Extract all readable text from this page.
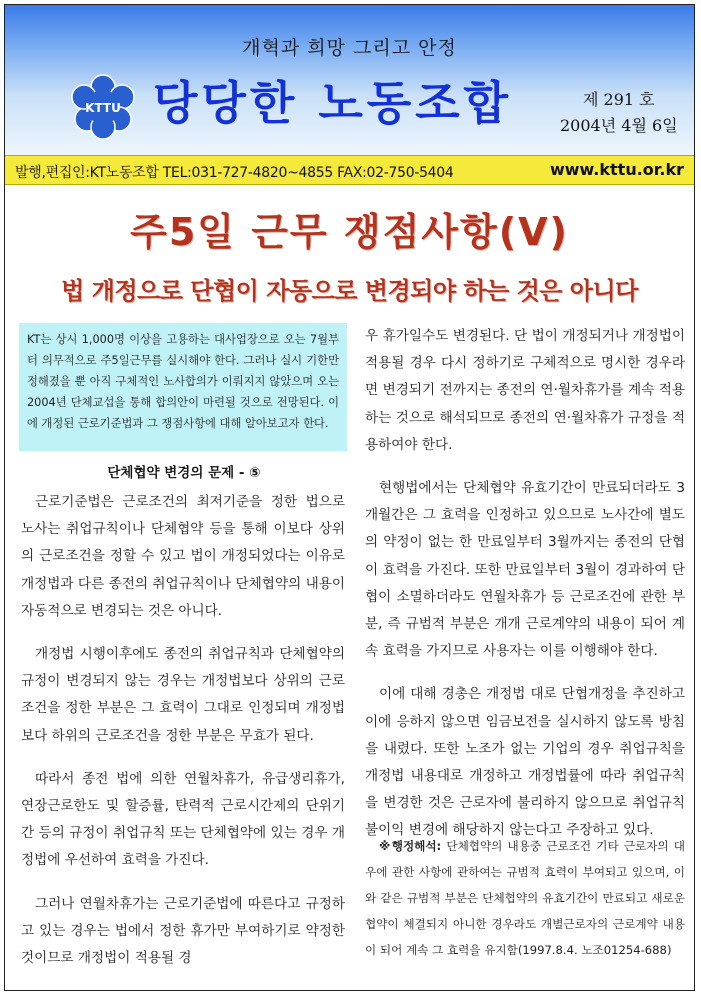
개혁과 희망 그리고 안정
KTTU 당당한 노동조합	제 291 호
2004년 4월 6일
발행,편집인:KT노동조합 TEL:031-727-4820~4855 FAX:02-750-5404	www.kttu.or.kr
주5일 근무 쟁점사항(Ⅴ)
법 개정으로 단협이 자동으로 변경되야 하는 것은 아니다
KT는 상시 1,000명 이상을 고용하는 대사업장으로 오는 7월부터 의무적으로 주5일근무를 실시해야 한다. 그러나 실시 기한만 정해졌을 뿐 아직 구체적인 노사합의가 이뤄지지 않았으며 오는 2004년 단체교섭을 통해 합의안이 마련될 것으로 전망된다. 이에 개정된 근로기준법과 그 쟁점사항에 대해 알아보고자 한다.
단체협약 변경의 문제 - ⑤

근로기준법은 근로조건의 최저기준을 정한 법으로 노사는 취업규칙이나 단체협약 등을 통해 이보다 상위의 근로조건을 정할 수 있고 법이 개정되었다는 이유로 개정법과 다른 종전의 취업규칙이나 단체협약의 내용이 자동적으로 변경되는 것은 아니다.

개정법 시행이후에도 종전의 취업규칙과 단체협약의 규정이 변경되지 않는 경우는 개정법보다 상위의 근로조건을 정한 부분은 그 효력이 그대로 인정되며 개정법보다 하위의 근로조건을 정한 부분은 무효가 된다.

따라서 종전 법에 의한 연월차휴가, 유급생리휴가, 연장근로한도 및 할증률, 탄력적 근로시간제의 단위기간 등의 규정이 취업규칙 또는 단체협약에 있는 경우 개정법에 우선하여 효력을 가진다.

그러나 연월차휴가는 근로기준법에 따른다고 규정하고 있는 경우는 법에서 정한 휴가만 부여하기로 약정한 것이므로 개정법이 적용될 경

우 휴가일수도 변경된다. 단 법이 개정되거나 개정법이 적용될 경우 다시 정하기로 구체적으로 명시한 경우라면 변경되기 전까지는 종전의 연·월차휴가를 계속 적용하는 것으로 해석되므로 종전의 연·월차휴가 규정을 적용하여야 한다.

현행법에서는 단체협약 유효기간이 만료되더라도 3개월간은 그 효력을 인정하고 있으므로 노사간에 별도의 약정이 없는 한 만료일부터 3월까지는 종전의 단협이 효력을 가진다. 또한 만료일부터 3월이 경과하여 단협이 소멸하더라도 연월차휴가 등 근로조건에 관한 부분, 즉 규범적 부분은 개개 근로계약의 내용이 되어 계속 효력을 가지므로 사용자는 이를 이행해야 한다.

이에 대해 경총은 개정법 대로 단협개정을 추진하고 이에 응하지 않으면 임금보전을 실시하지 않도록 방침을 내렸다. 또한 노조가 없는 기업의 경우 취업규칙을 개정법 내용대로 개정하고 개정법률에 따라 취업규칙을 변경한 것은 근로자에 불리하지 않으므로 취업규칙 불이익 변경에 해당하지 않는다고 주장하고 있다.

※행정해석: 단체협약의 내용중 근로조건 기타 근로자의 대우에 관한 사항에 관하여는 규범적 효력이 부여되고 있으며, 이와 같은 규범적 부분은 단체협약의 유효기간이 만료되고 새로운 협약이 체결되지 아니한 경우라도 개별근로자의 근로계약 내용이 되어 계속 그 효력을 유지함(1997.8.4. 노조01254-688)
